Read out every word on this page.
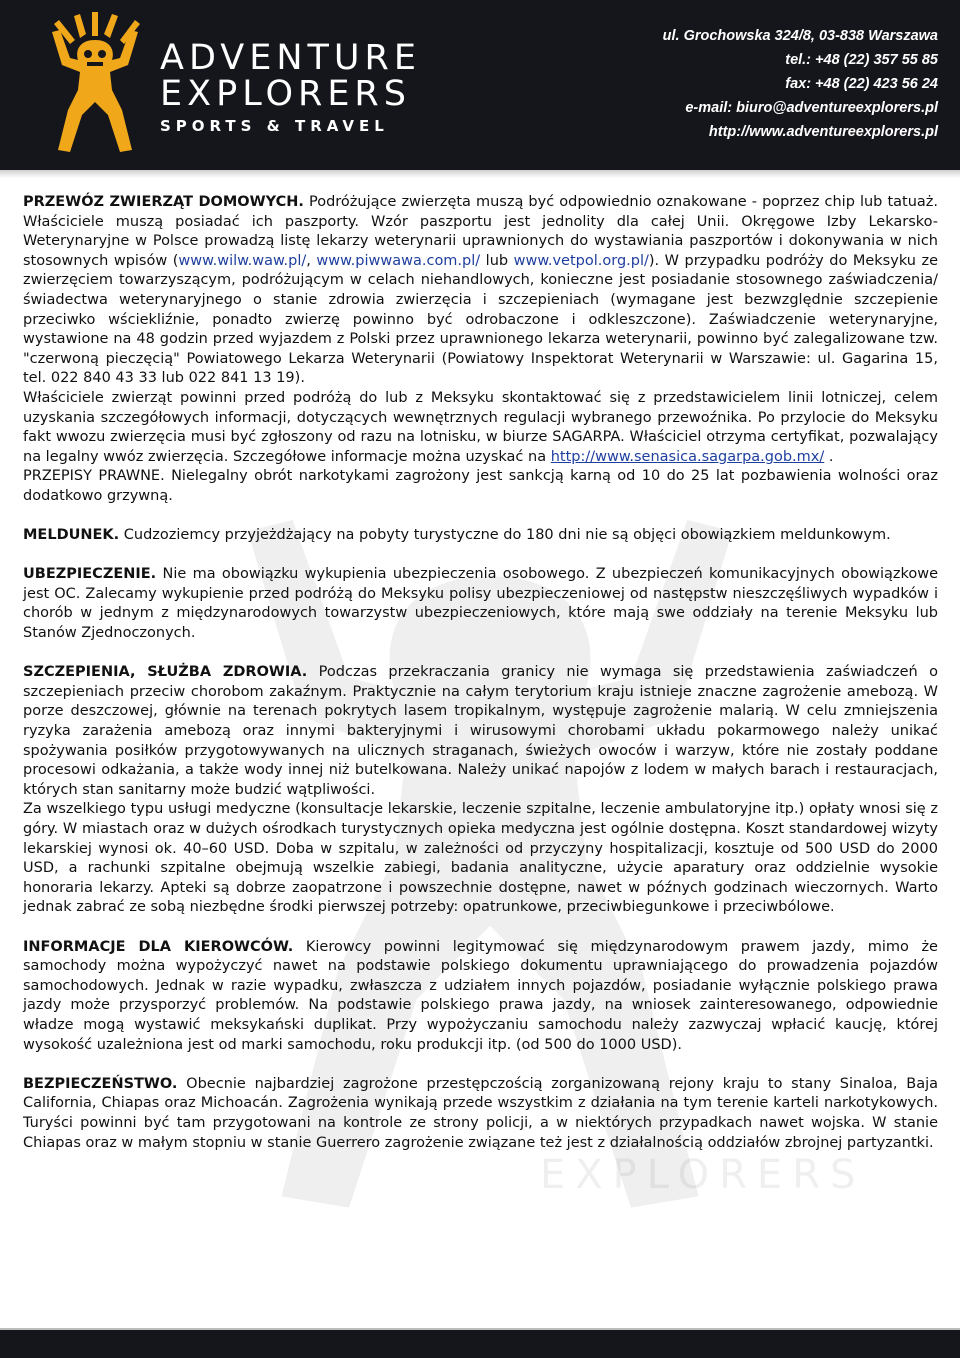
ADVENTURE
EXPLORERS
SPORTS & TRAVEL
ul. Grochowska 324/8, 03-838 Warszawa
tel.: +48 (22) 357 55 85
fax: +48 (22) 423 56 24
e-mail: biuro@adventureexplorers.pl
http://www.adventureexplorers.pl
EXPLORERS

PRZEWÓZ ZWIERZĄT DOMOWYCH. Podróżujące zwierzęta muszą być odpowiednio oznakowane - poprzez chip lub tatuaż. Właściciele muszą posiadać ich paszporty. Wzór paszportu jest jednolity dla całej Unii. Okręgowe Izby Lekarsko-Weterynaryjne w Polsce prowadzą listę lekarzy weterynarii uprawnionych do wystawiania paszportów i dokonywania w nich stosownych wpisów (www.wilw.waw.pl/, www.piwwawa.com.pl/ lub www.vetpol.org.pl/). W przypadku podróży do Meksyku ze zwierzęciem towarzyszącym, podróżującym w celach niehandlowych, konieczne jest posiadanie stosownego zaświadczenia/świadectwa weterynaryjnego o stanie zdrowia zwierzęcia i szczepieniach (wymagane jest bezwzględnie szczepienie przeciwko wściekliźnie, ponadto zwierzę powinno być odrobaczone i odkleszczone). Zaświadczenie weterynaryjne, wystawione na 48 godzin przed wyjazdem z Polski przez uprawnionego lekarza weterynarii, powinno być zalegalizowane tzw. "czerwoną pieczęcią" Powiatowego Lekarza Weterynarii (Powiatowy Inspektorat Weterynarii w Warszawie: ul. Gagarina 15, tel. 022 840 43 33 lub 022 841 13 19).

Właściciele zwierząt powinni przed podróżą do lub z Meksyku skontaktować się z przedstawicielem linii lotniczej, celem uzyskania szczegółowych informacji, dotyczących wewnętrznych regulacji wybranego przewoźnika. Po przylocie do Meksyku fakt wwozu zwierzęcia musi być zgłoszony od razu na lotnisku, w biurze SAGARPA. Właściciel otrzyma certyfikat, pozwalający na legalny wwóz zwierzęcia. Szczegółowe informacje można uzyskać na http://www.senasica.sagarpa.gob.mx/ .

PRZEPISY PRAWNE. Nielegalny obrót narkotykami zagrożony jest sankcją karną od 10 do 25 lat pozbawienia wolności oraz dodatkowo grzywną.

MELDUNEK. Cudzoziemcy przyjeżdżający na pobyty turystyczne do 180 dni nie są objęci obowiązkiem meldunkowym.

UBEZPIECZENIE. Nie ma obowiązku wykupienia ubezpieczenia osobowego. Z ubezpieczeń komunikacyjnych obowiązkowe jest OC. Zalecamy wykupienie przed podróżą do Meksyku polisy ubezpieczeniowej od następstw nieszczęśliwych wypadków i chorób w jednym z międzynarodowych towarzystw ubezpieczeniowych, które mają swe oddziały na terenie Meksyku lub Stanów Zjednoczonych.

SZCZEPIENIA, SŁUŻBA ZDROWIA. Podczas przekraczania granicy nie wymaga się przedstawienia zaświadczeń o szczepieniach przeciw chorobom zakaźnym. Praktycznie na całym terytorium kraju istnieje znaczne zagrożenie amebozą. W porze deszczowej, głównie na terenach pokrytych lasem tropikalnym, występuje zagrożenie malarią. W celu zmniejszenia ryzyka zarażenia amebozą oraz innymi bakteryjnymi i wirusowymi chorobami układu pokarmowego należy unikać spożywania posiłków przygotowywanych na ulicznych straganach, świeżych owoców i warzyw, które nie zostały poddane procesowi odkażania, a także wody innej niż butelkowana. Należy unikać napojów z lodem w małych barach i restauracjach, których stan sanitarny może budzić wątpliwości.

Za wszelkiego typu usługi medyczne (konsultacje lekarskie, leczenie szpitalne, leczenie ambulatoryjne itp.) opłaty wnosi się z góry. W miastach oraz w dużych ośrodkach turystycznych opieka medyczna jest ogólnie dostępna. Koszt standardowej wizyty lekarskiej wynosi ok. 40–60 USD. Doba w szpitalu, w zależności od przyczyny hospitalizacji, kosztuje od 500 USD do 2000 USD, a rachunki szpitalne obejmują wszelkie zabiegi, badania analityczne, użycie aparatury oraz oddzielnie wysokie honoraria lekarzy. Apteki są dobrze zaopatrzone i powszechnie dostępne, nawet w późnych godzinach wieczornych. Warto jednak zabrać ze sobą niezbędne środki pierwszej potrzeby: opatrunkowe, przeciwbiegunkowe i przeciwbólowe.

INFORMACJE DLA KIEROWCÓW. Kierowcy powinni legitymować się międzynarodowym prawem jazdy, mimo że samochody można wypożyczyć nawet na podstawie polskiego dokumentu uprawniającego do prowadzenia pojazdów samochodowych. Jednak w razie wypadku, zwłaszcza z udziałem innych pojazdów, posiadanie wyłącznie polskiego prawa jazdy może przysporzyć problemów. Na podstawie polskiego prawa jazdy, na wniosek zainteresowanego, odpowiednie władze mogą wystawić meksykański duplikat. Przy wypożyczaniu samochodu należy zazwyczaj wpłacić kaucję, której wysokość uzależniona jest od marki samochodu, roku produkcji itp. (od 500 do 1000 USD).

BEZPIECZEŃSTWO. Obecnie najbardziej zagrożone przestępczością zorganizowaną rejony kraju to stany Sinaloa, Baja California, Chiapas oraz Michoacán. Zagrożenia wynikają przede wszystkim z działania na tym terenie karteli narkotykowych. Turyści powinni być tam przygotowani na kontrole ze strony policji, a w niektórych przypadkach nawet wojska. W stanie Chiapas oraz w małym stopniu w stanie Guerrero zagrożenie związane też jest z działalnością oddziałów zbrojnej partyzantki.
